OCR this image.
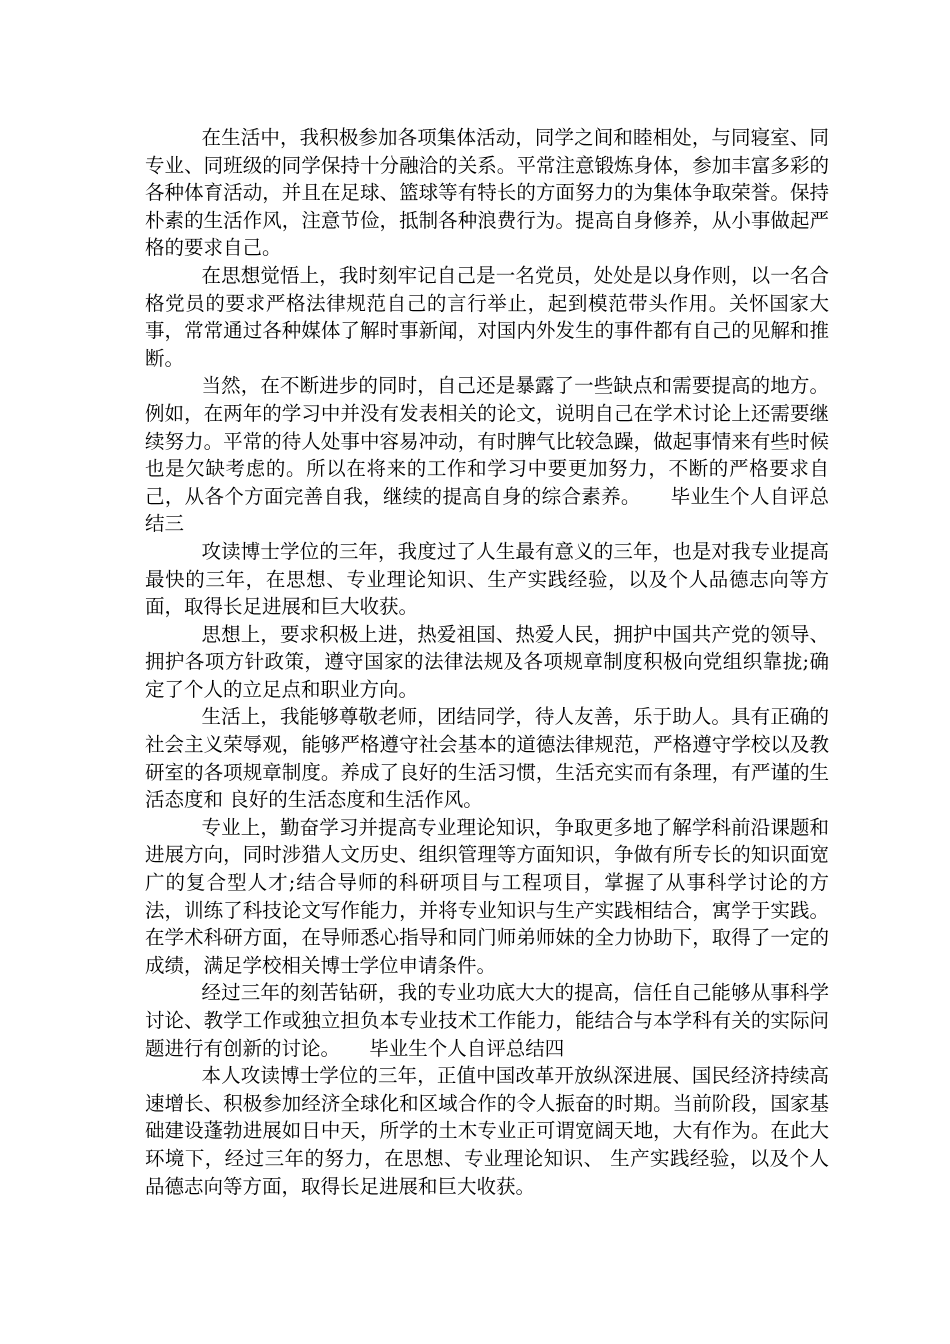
在生活中，我积极参加各项集体活动，同学之间和睦相处，与同寝室、同专业、同班级的同学保持十分融洽的关系。平常注意锻炼身体，参加丰富多彩的各种体育活动，并且在足球、篮球等有特长的方面努力的为集体争取荣誉。保持朴素的生活作风，注意节俭，抵制各种浪费行为。提高自身修养，从小事做起严格的要求自己。

在思想觉悟上，我时刻牢记自己是一名党员，处处是以身作则，以一名合格党员的要求严格法律规范自己的言行举止，起到模范带头作用。关怀国家大事，常常通过各种媒体了解时事新闻，对国内外发生的事件都有自己的见解和推断。

当然，在不断进步的同时，自己还是暴露了一些缺点和需要提高的地方。例如，在两年的学习中并没有发表相关的论文，说明自己在学术讨论上还需要继续努力。平常的待人处事中容易冲动，有时脾气比较急躁，做起事情来有些时候也是欠缺考虑的。所以在将来的工作和学习中要更加努力，不断的严格要求自己，从各个方面完善自我，继续的提高自身的综合素养。　　毕业生个人自评总结三

攻读博士学位的三年，我度过了人生最有意义的三年，也是对我专业提高最快的三年，在思想、专业理论知识、生产实践经验，以及个人品德志向等方面，取得长足进展和巨大收获。

思想上，要求积极上进，热爱祖国、热爱人民，拥护中国共产党的领导、拥护各项方针政策，遵守国家的法律法规及各项规章制度积极向党组织靠拢;确定了个人的立足点和职业方向。

生活上，我能够尊敬老师，团结同学，待人友善，乐于助人。具有正确的社会主义荣辱观，能够严格遵守社会基本的道德法律规范，严格遵守学校以及教研室的各项规章制度。养成了良好的生活习惯，生活充实而有条理，有严谨的生活态度和 良好的生活态度和生活作风。

专业上，勤奋学习并提高专业理论知识，争取更多地了解学科前沿课题和进展方向，同时涉猎人文历史、组织管理等方面知识，争做有所专长的知识面宽广的复合型人才;结合导师的科研项目与工程项目，掌握了从事科学讨论的方法，训练了科技论文写作能力，并将专业知识与生产实践相结合，寓学于实践。在学术科研方面，在导师悉心指导和同门师弟师妹的全力协助下，取得了一定的成绩，满足学校相关博士学位申请条件。

经过三年的刻苦钻研，我的专业功底大大的提高，信任自己能够从事科学讨论、教学工作或独立担负本专业技术工作能力，能结合与本学科有关的实际问题进行有创新的讨论。　　毕业生个人自评总结四

本人攻读博士学位的三年，正值中国改革开放纵深进展、国民经济持续高速增长、积极参加经济全球化和区域合作的令人振奋的时期。当前阶段，国家基础建设蓬勃进展如日中天，所学的土木专业正可谓宽阔天地，大有作为。在此大环境下，经过三年的努力，在思想、专业理论知识、 生产实践经验，以及个人品德志向等方面，取得长足进展和巨大收获。
